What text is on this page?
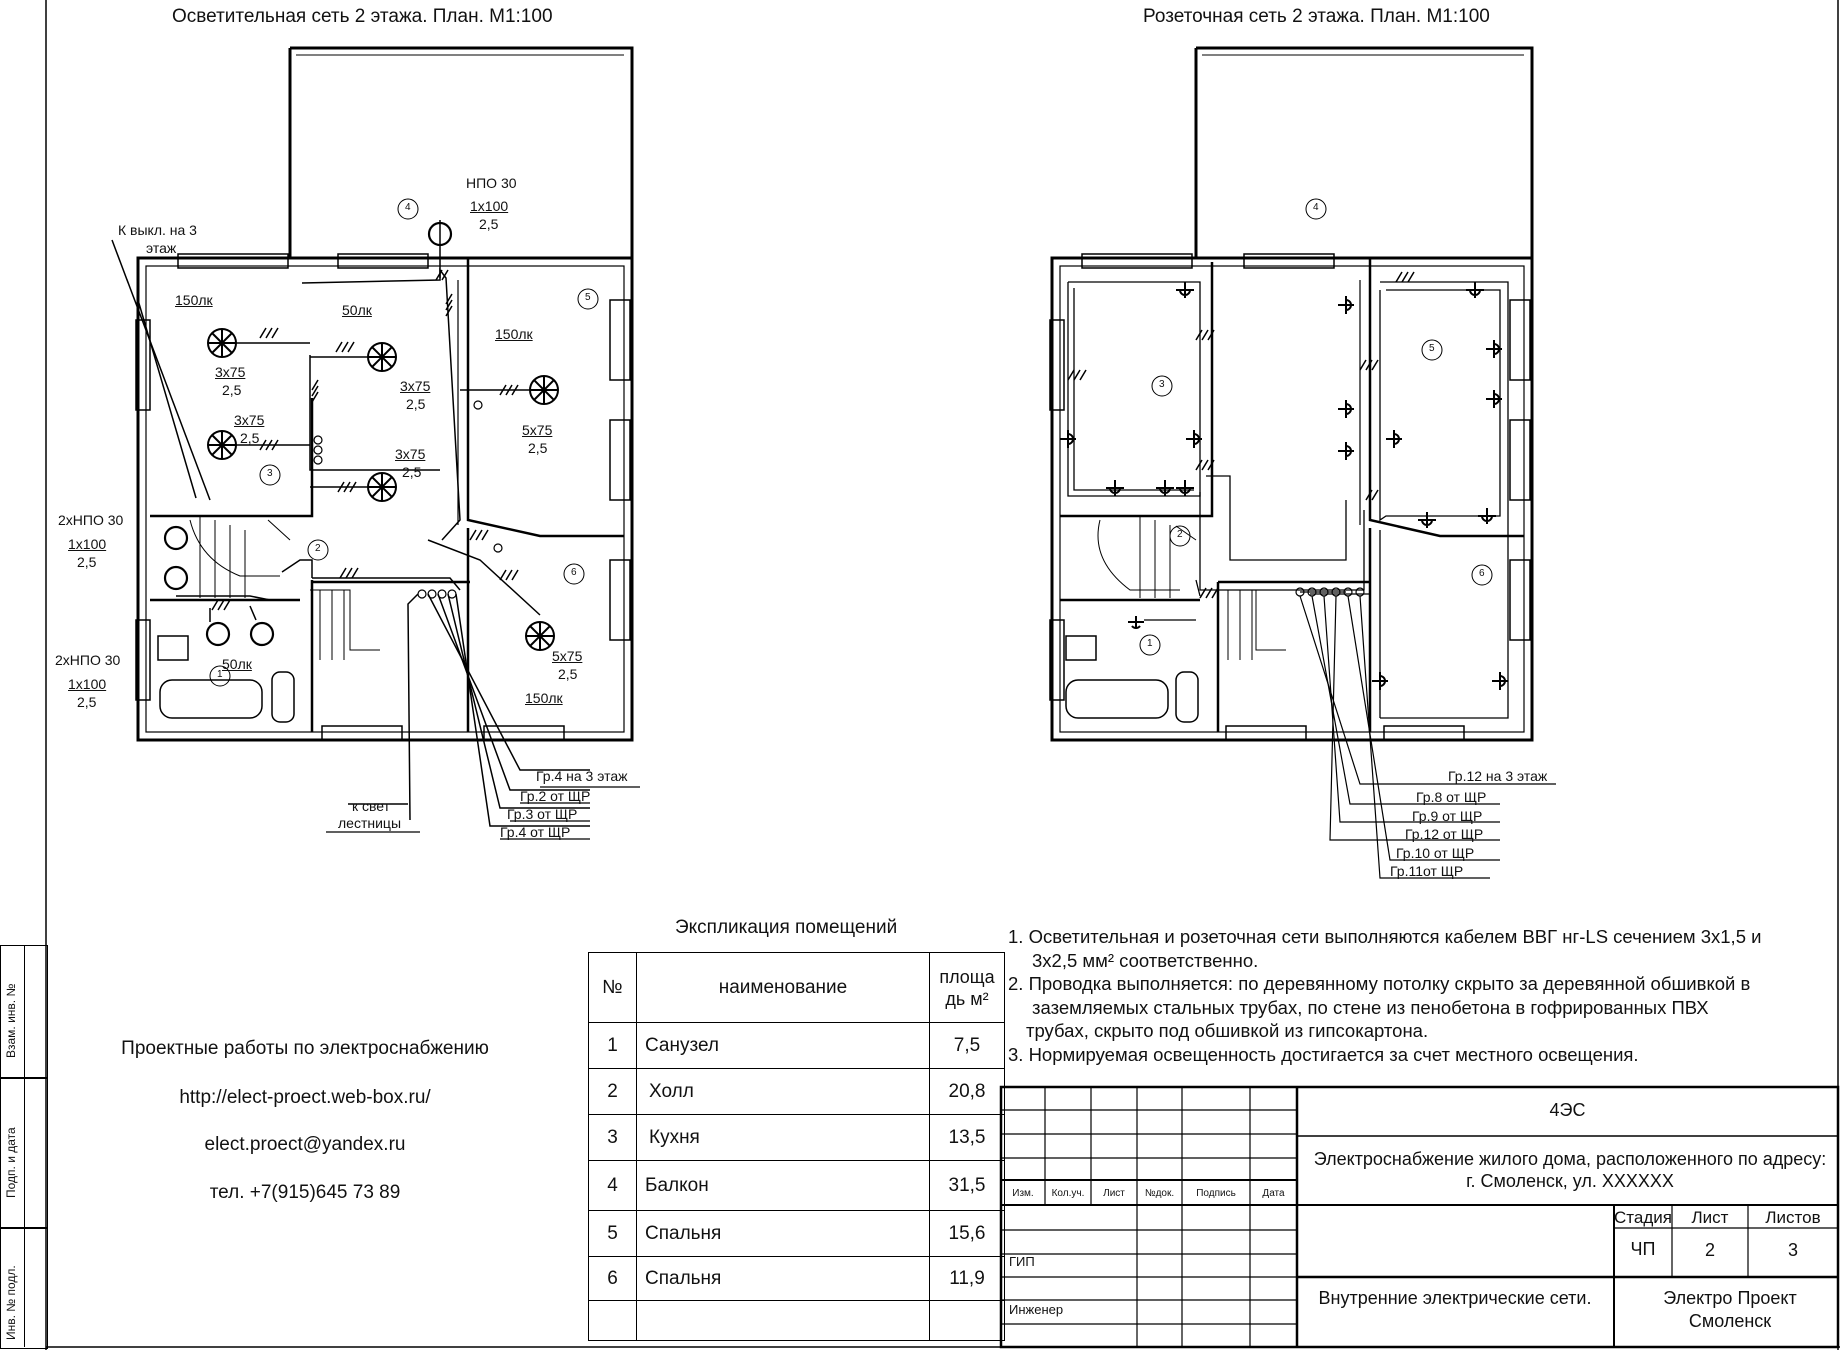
Осветительная сеть 2 этажа. План. М1:100	Розеточная сеть 2 этажа. План. М1:100
НПО 30
1х100
2,5
К выкл. на 3
этаж
150лк
50лк
150лк
50лк
150лк
3х75
2,5	3х75
2,5
3х75
2,5
3х75
2,5
5х75
2,5
5х75
2,5
2хНПО 30
1х100
2,5
2хНПО 30
1х100
2,5
к свет
лестницы
Гр.4 на 3 этаж
Гр.2 от ЩР
Гр.3 от ЩР
Гр.4 от ЩР
Гр.12 на 3 этаж
Гр.8 от ЩР
Гр.9 от ЩР
Гр.12 от ЩР
Гр.10 от ЩР
Гр.11от ЩР
4
5
3
2
6
1
4
3
5
2
6
1
Взам. инв. №
Подп. и дата
Инв. № подл.
Проектные работы по электроснабжению
http://elect-proect.web-box.ru/
elect.proect@yandex.ru
тел. +7(915)645 73 89
Экспликация помещений
№	наименование	площа
дь м²
1	Санузел	7,5
2	Холл	20,8
3	Кухня	13,5
4	Балкон	31,5
5	Спальня	15,6
6	Спальня	11,9

1. Осветительная и розеточная сети выполняются кабелем ВВГ нг-LS сечением 3х1,5 и
3х2,5 мм² соответственно.
2. Проводка выполняется: по деревянному потолку скрыто за деревянной обшивкой в
заземляемых стальных трубах, по стене из пенобетона в гофрированных ПВХ
трубах, скрыто под обшивкой из гипсокартона.
3. Нормируемая освещенность достигается за счет местного освещения.
Изм.	Кол.уч.	Лист	№док.	Подпись	Дата
ГИП
Инженер
4ЭС
Электроснабжение жилого дома, расположенного по адресу: г. Смоленск, ул. XXXXXX
Стадия	Лист	Листов
ЧП	2	3
Внутренние электрические сети.	Электро Проект Смоленск
